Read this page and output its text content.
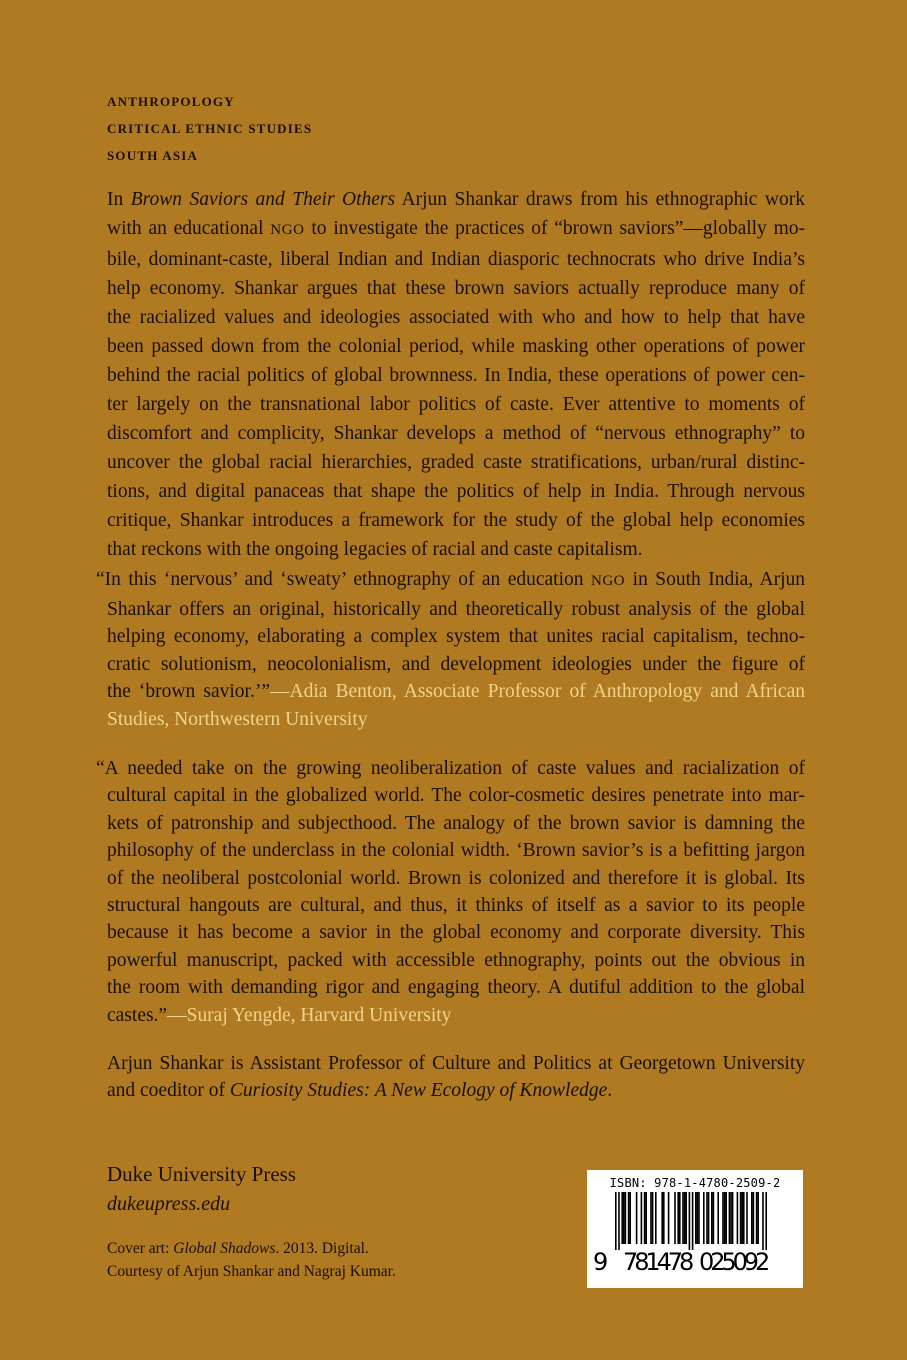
ANTHROPOLOGY
CRITICAL ETHNIC STUDIES
SOUTH ASIA
In Brown Saviors and Their Others Arjun Shankar draws from his ethnographic work
with an educational NGO to investigate the practices of “brown saviors”—globally mo-
bile, dominant-caste, liberal Indian and Indian diasporic technocrats who drive India’s
help economy. Shankar argues that these brown saviors actually reproduce many of
the racialized values and ideologies associated with who and how to help that have
been passed down from the colonial period, while masking other operations of power
behind the racial politics of global brownness. In India, these operations of power cen-
ter largely on the transnational labor politics of caste. Ever attentive to moments of
discomfort and complicity, Shankar develops a method of “nervous ethnography” to
uncover the global racial hierarchies, graded caste stratifications, urban/rural distinc-
tions, and digital panaceas that shape the politics of help in India. Through nervous
critique, Shankar introduces a framework for the study of the global help economies
that reckons with the ongoing legacies of racial and caste capitalism.
“In this ‘nervous’ and ‘sweaty’ ethnography of an education NGO in South India, Arjun
Shankar offers an original, historically and theoretically robust analysis of the global
helping economy, elaborating a complex system that unites racial capitalism, techno-
cratic solutionism, neocolonialism, and development ideologies under the figure of
the ‘brown savior.’”—Adia Benton, Associate Professor of Anthropology and African
Studies, Northwestern University
“A needed take on the growing neoliberalization of caste values and racialization of
cultural capital in the globalized world. The color-cosmetic desires penetrate into mar-
kets of patronship and subjecthood. The analogy of the brown savior is damning the
philosophy of the underclass in the colonial width. ‘Brown savior’s is a befitting jargon
of the neoliberal postcolonial world. Brown is colonized and therefore it is global. Its
structural hangouts are cultural, and thus, it thinks of itself as a savior to its people
because it has become a savior in the global economy and corporate diversity. This
powerful manuscript, packed with accessible ethnography, points out the obvious in
the room with demanding rigor and engaging theory. A dutiful addition to the global
castes.”—Suraj Yengde, Harvard University
Arjun Shankar is Assistant Professor of Culture and Politics at Georgetown University
and coeditor of Curiosity Studies: A New Ecology of Knowledge.
Duke University Press
dukeupress.edu
Cover art: Global Shadows. 2013. Digital.
Courtesy of Arjun Shankar and Nagraj Kumar.
ISBN: 978-1-4780-2509-2
9 7
8
1
4
7
8 0
2
5
0
9
2
